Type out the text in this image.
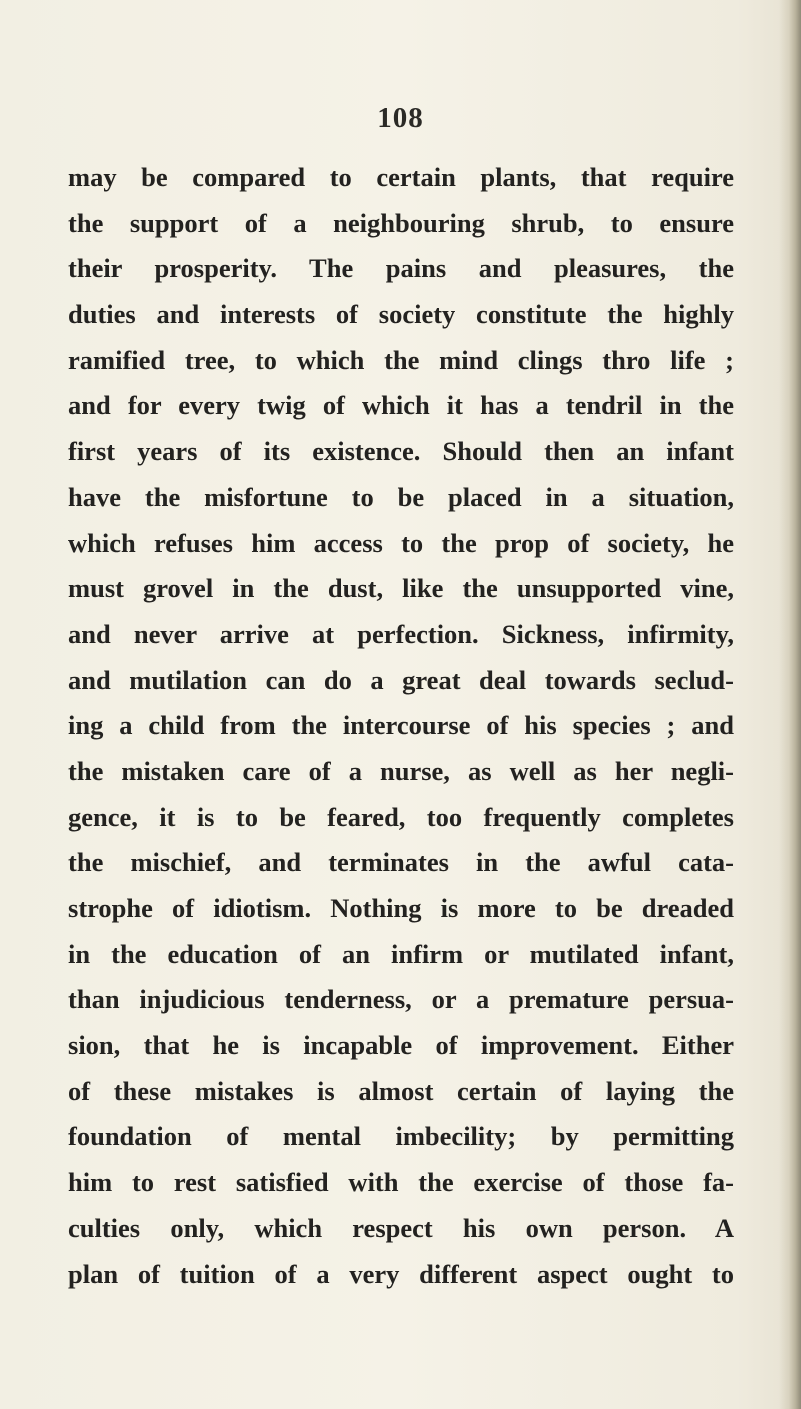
108
may be compared to certain plants, that require
the support of a neighbouring shrub, to ensure
their prosperity. The pains and pleasures, the
duties and interests of society constitute the highly
ramified tree, to which the mind clings thro life ;
and for every twig of which it has a tendril in the
first years of its existence. Should then an infant
have the misfortune to be placed in a situation,
which refuses him access to the prop of society, he
must grovel in the dust, like the unsupported vine,
and never arrive at perfection. Sickness, infirmity,
and mutilation can do a great deal towards seclud-
ing a child from the intercourse of his species ; and
the mistaken care of a nurse, as well as her negli-
gence, it is to be feared, too frequently completes
the mischief, and terminates in the awful cata-
strophe of idiotism. Nothing is more to be dreaded
in the education of an infirm or mutilated infant,
than injudicious tenderness, or a premature persua-
sion, that he is incapable of improvement. Either
of these mistakes is almost certain of laying the
foundation of mental imbecility; by permitting
him to rest satisfied with the exercise of those fa-
culties only, which respect his own person. A
plan of tuition of a very different aspect ought to
